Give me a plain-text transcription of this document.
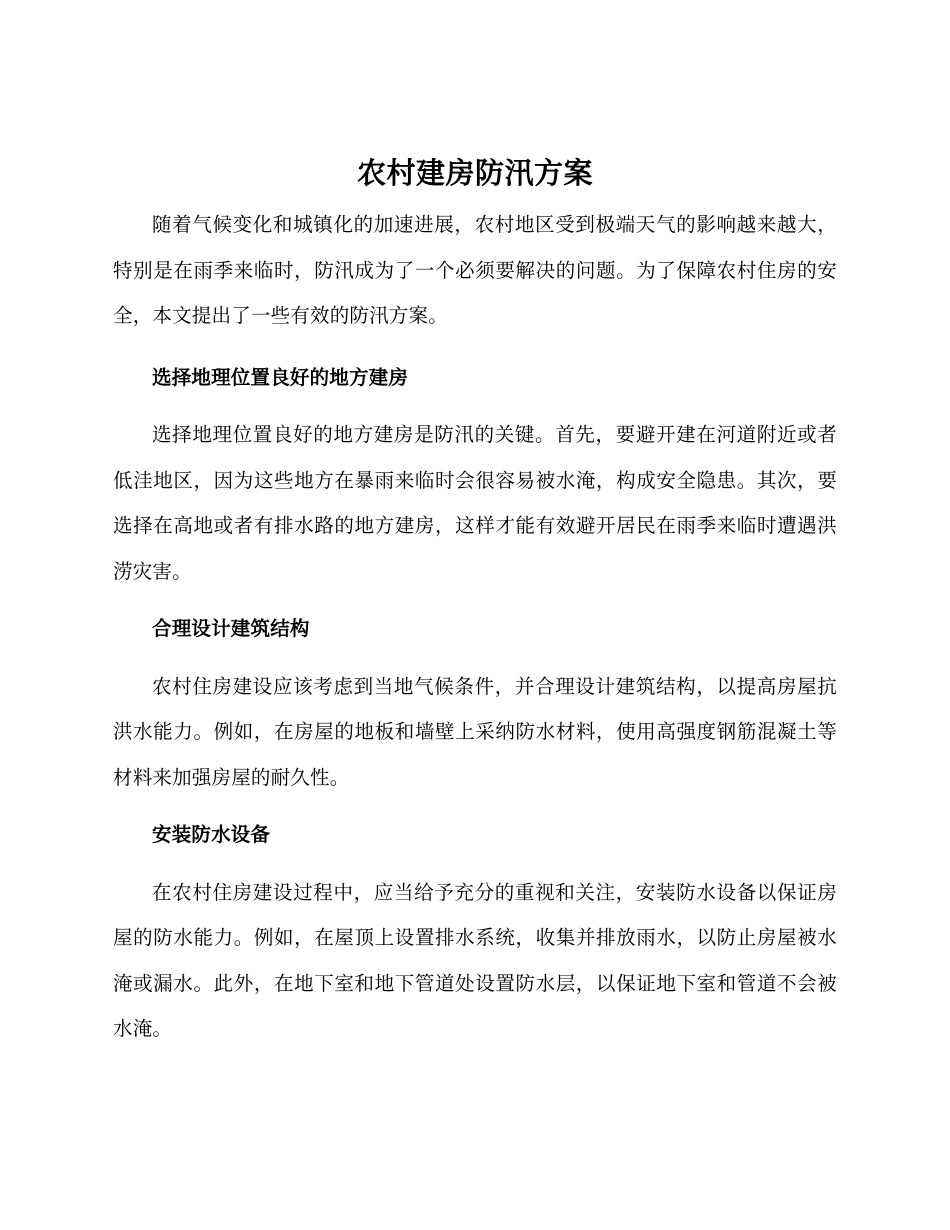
农村建房防汛方案

随着气候变化和城镇化的加速进展，农村地区受到极端天气的影响越来越大，特别是在雨季来临时，防汛成为了一个必须要解决的问题。为了保障农村住房的安全，本文提出了一些有效的防汛方案。

选择地理位置良好的地方建房

选择地理位置良好的地方建房是防汛的关键。首先，要避开建在河道附近或者低洼地区，因为这些地方在暴雨来临时会很容易被水淹，构成安全隐患。其次，要选择在高地或者有排水路的地方建房，这样才能有效避开居民在雨季来临时遭遇洪涝灾害。

合理设计建筑结构

农村住房建设应该考虑到当地气候条件，并合理设计建筑结构，以提高房屋抗洪水能力。例如，在房屋的地板和墙壁上采纳防水材料，使用高强度钢筋混凝土等材料来加强房屋的耐久性。

安装防水设备

在农村住房建设过程中，应当给予充分的重视和关注，安装防水设备以保证房屋的防水能力。例如，在屋顶上设置排水系统，收集并排放雨水，以防止房屋被水淹或漏水。此外，在地下室和地下管道处设置防水层，以保证地下室和管道不会被水淹。
